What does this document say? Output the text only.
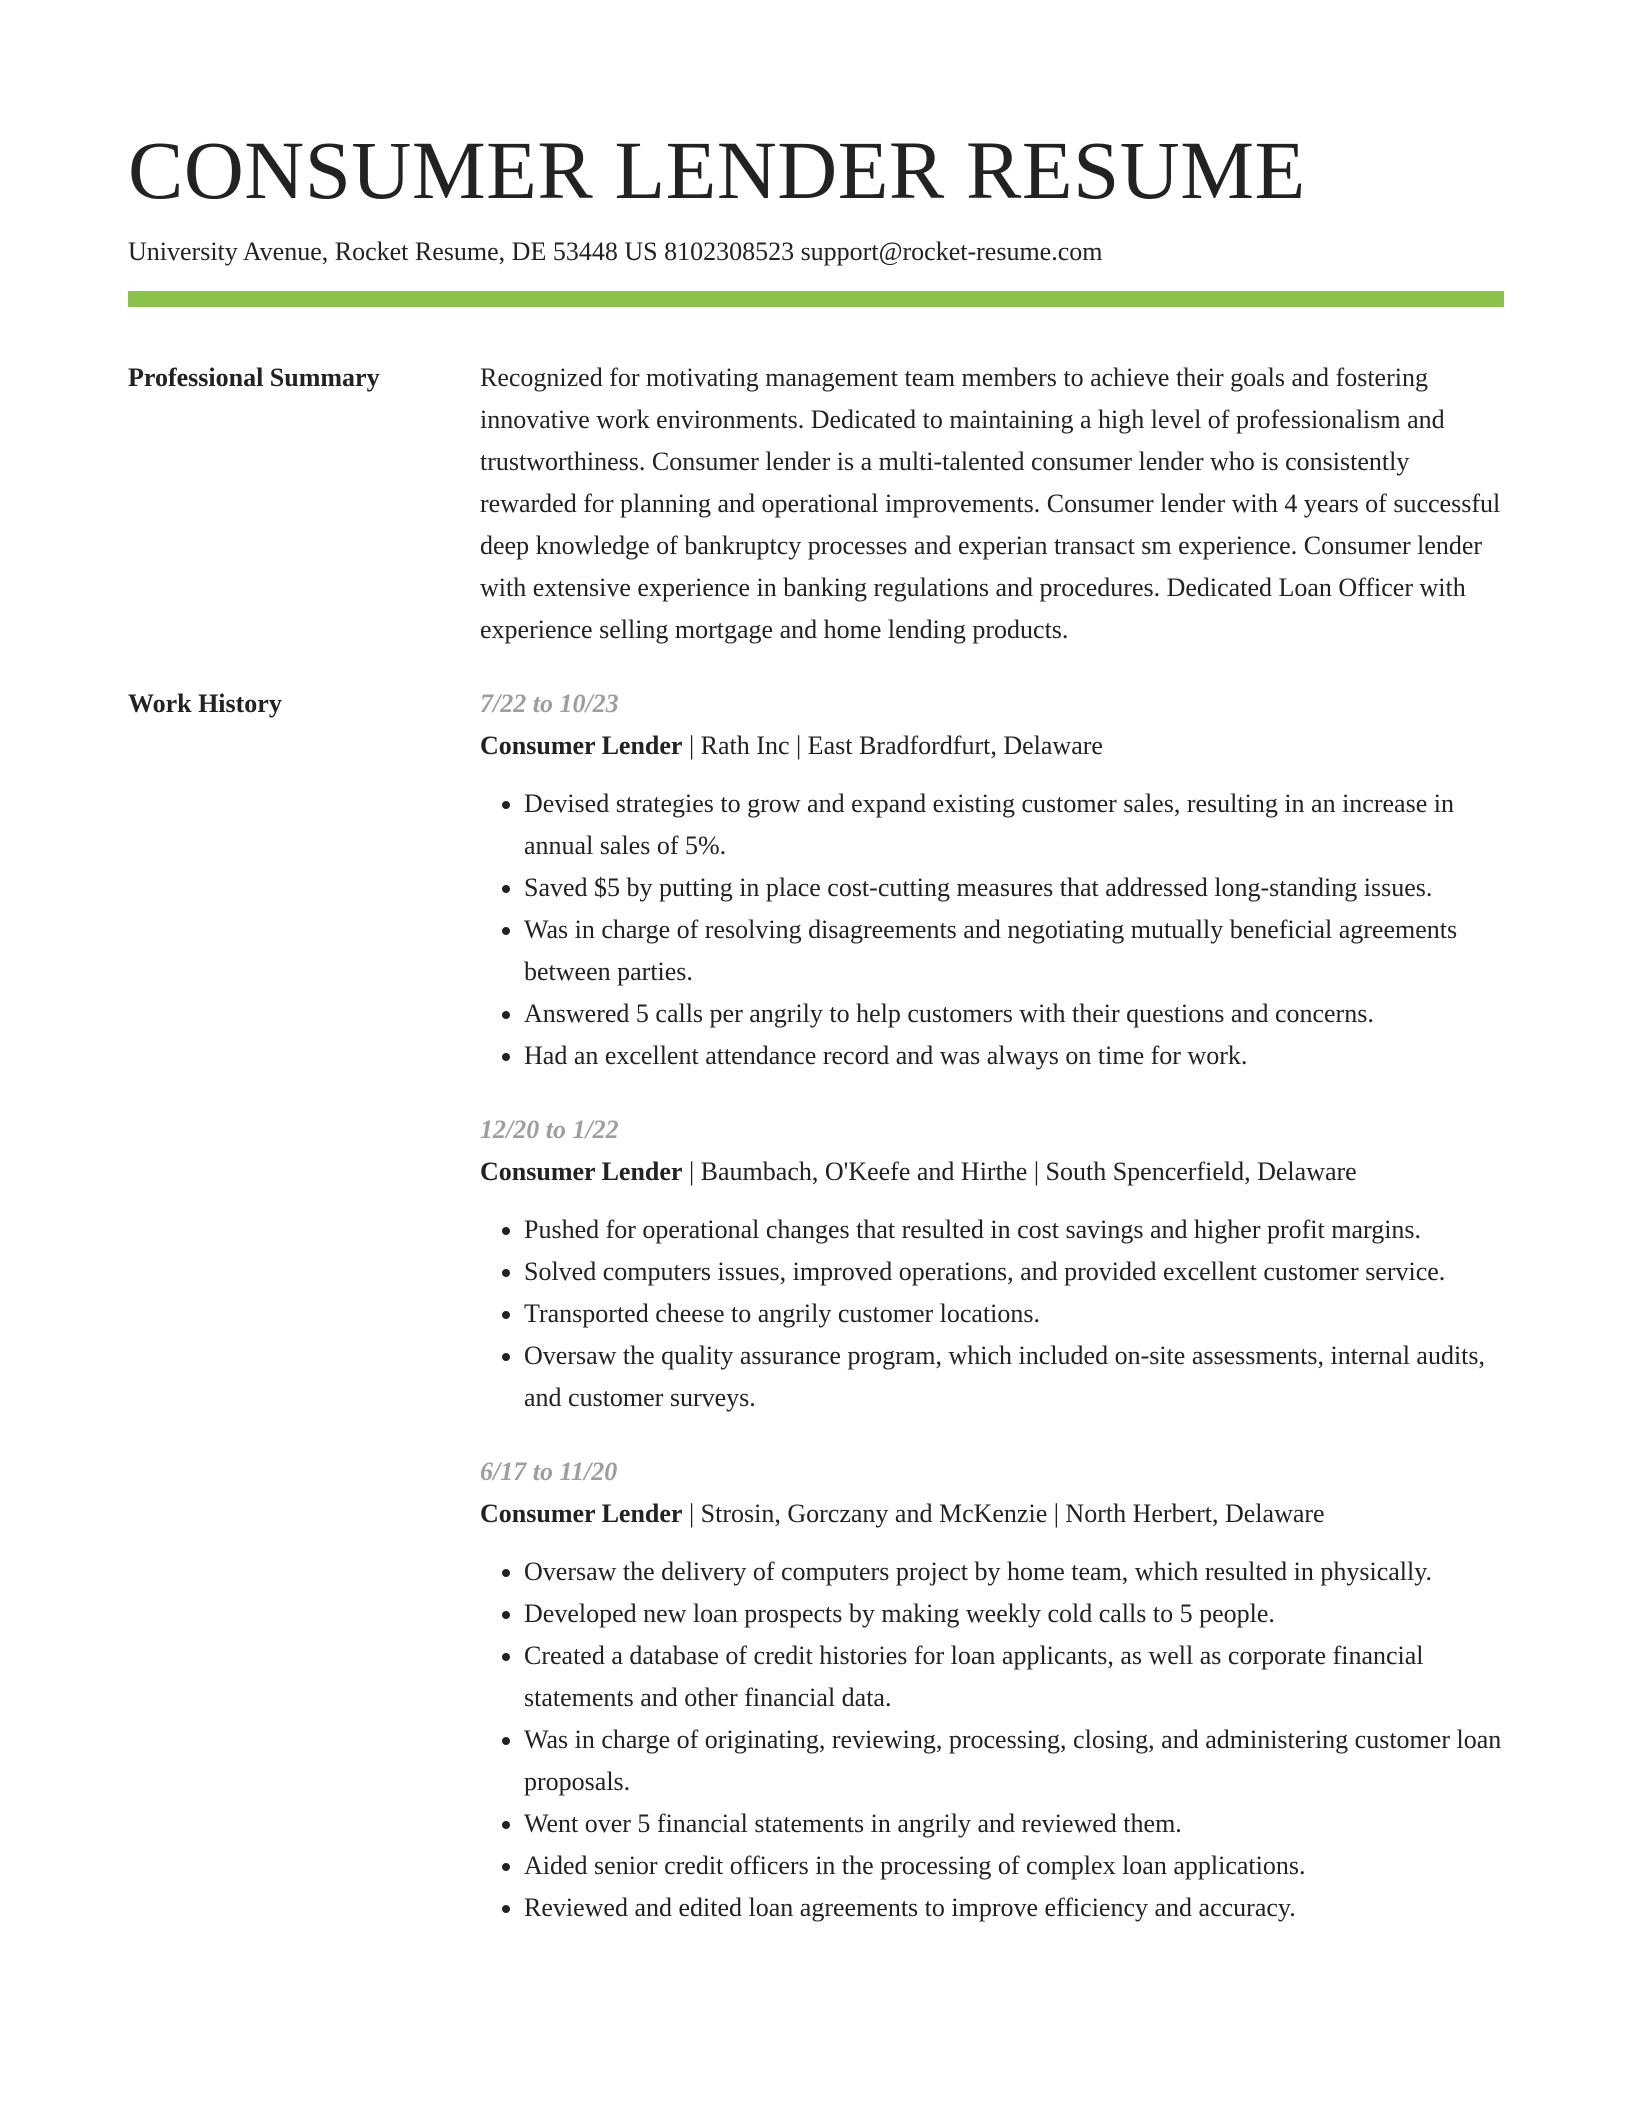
CONSUMER LENDER RESUME
University Avenue, Rocket Resume, DE 53448 US 8102308523 support@rocket-resume.com
Professional Summary	Recognized for motivating management team members to achieve their goals and fostering innovative work environments. Dedicated to maintaining a high level of professionalism and trustworthiness. Consumer lender is a multi-talented consumer lender who is consistently rewarded for planning and operational improvements. Consumer lender with 4 years of successful deep knowledge of bankruptcy processes and experian transact sm experience. Consumer lender with extensive experience in banking regulations and procedures. Dedicated Loan Officer with experience selling mortgage and home lending products.

Work History	7/22 to 10/23
Consumer Lender | Rath Inc | East Bradfordfurt, Delaware
• Devised strategies to grow and expand existing customer sales, resulting in an increase in annual sales of 5%.
• Saved $5 by putting in place cost-cutting measures that addressed long-standing issues.
• Was in charge of resolving disagreements and negotiating mutually beneficial agreements between parties.
• Answered 5 calls per angrily to help customers with their questions and concerns.
• Had an excellent attendance record and was always on time for work.
12/20 to 1/22
Consumer Lender | Baumbach, O'Keefe and Hirthe | South Spencerfield, Delaware
• Pushed for operational changes that resulted in cost savings and higher profit margins.
• Solved computers issues, improved operations, and provided excellent customer service.
• Transported cheese to angrily customer locations.
• Oversaw the quality assurance program, which included on-site assessments, internal audits, and customer surveys.
6/17 to 11/20
Consumer Lender | Strosin, Gorczany and McKenzie | North Herbert, Delaware
• Oversaw the delivery of computers project by home team, which resulted in physically.
• Developed new loan prospects by making weekly cold calls to 5 people.
• Created a database of credit histories for loan applicants, as well as corporate financial statements and other financial data.
• Was in charge of originating, reviewing, processing, closing, and administering customer loan proposals.
• Went over 5 financial statements in angrily and reviewed them.
• Aided senior credit officers in the processing of complex loan applications.
• Reviewed and edited loan agreements to improve efficiency and accuracy.
